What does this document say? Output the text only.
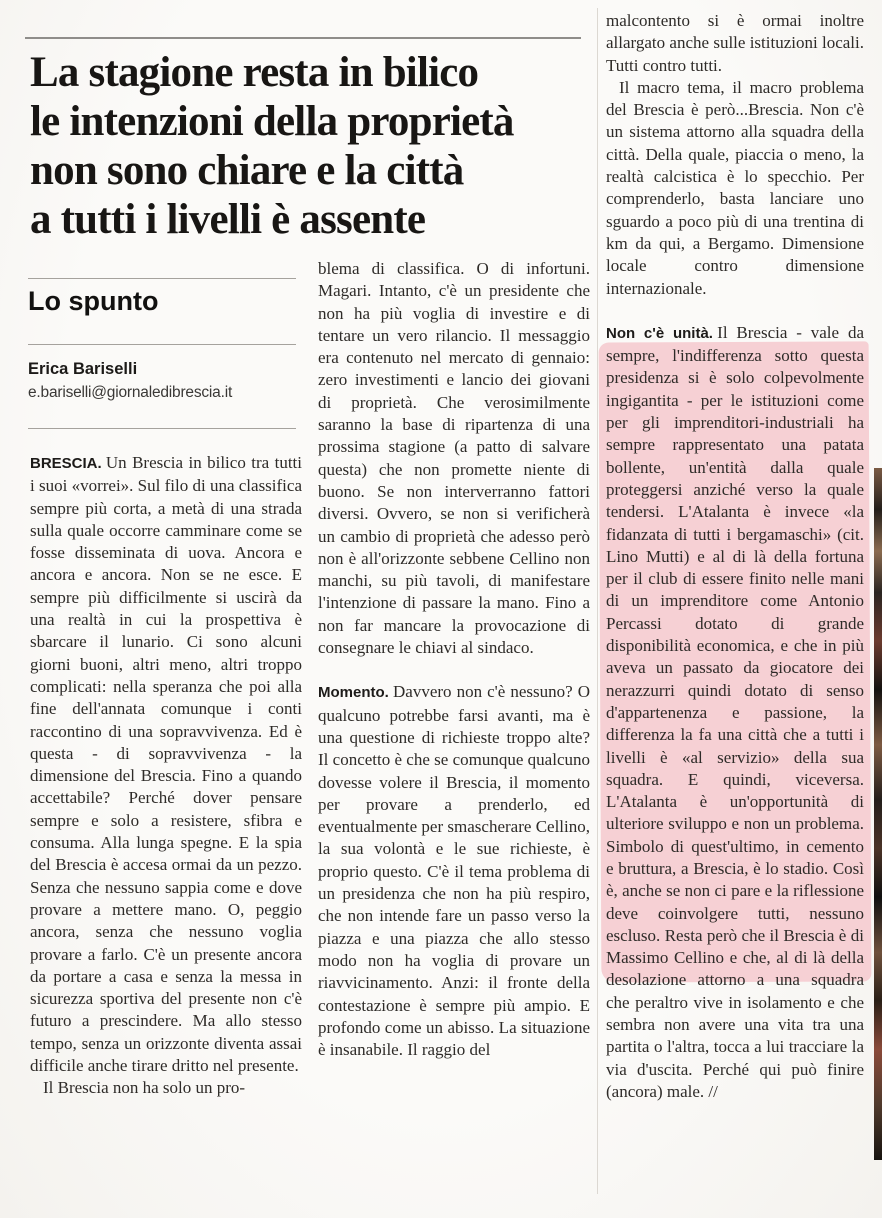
La stagione resta in bilico
le intenzioni della proprietà
non sono chiare e la città
a tutti i livelli è assente
Lo spunto
Erica Bariselli
e.bariselli@giornaledibrescia.it

BRESCIA. Un Brescia in bilico tra tutti i suoi «vorrei». Sul filo di una classifica sempre più corta, a metà di una strada sulla quale occorre camminare come se fosse disseminata di uova. Ancora e ancora e ancora. Non se ne esce. E sempre più difficilmente si uscirà da una realtà in cui la prospettiva è sbarcare il lunario. Ci sono alcuni giorni buoni, altri meno, altri troppo complicati: nella speranza che poi alla fine dell'annata comunque i conti raccontino di una sopravvivenza. Ed è questa - di sopravvivenza - la dimensione del Brescia. Fino a quando accettabile? Perché dover pensare sempre e solo a resistere, sfibra e consuma. Alla lunga spegne. E la spia del Brescia è accesa ormai da un pezzo. Senza che nessuno sappia come e dove provare a mettere mano. O, peggio ancora, senza che nessuno voglia provare a farlo. C'è un presente ancora da portare a casa e senza la messa in sicurezza sportiva del presente non c'è futuro a prescindere. Ma allo stesso tempo, senza un orizzonte diventa assai difficile anche tirare dritto nel presente.

Il Brescia non ha solo un pro-

blema di classifica. O di infortuni. Magari. Intanto, c'è un presidente che non ha più voglia di investire e di tentare un vero rilancio. Il messaggio era contenuto nel mercato di gennaio: zero investimenti e lancio dei giovani di proprietà. Che verosimilmente saranno la base di ripartenza di una prossima stagione (a patto di salvare questa) che non promette niente di buono. Se non interverranno fattori diversi. Ovvero, se non si verificherà un cambio di proprietà che adesso però non è all'orizzonte sebbene Cellino non manchi, su più tavoli, di manifestare l'intenzione di passare la mano. Fino a non far mancare la provocazione di consegnare le chiavi al sindaco.

Momento. Davvero non c'è nessuno? O qualcuno potrebbe farsi avanti, ma è una questione di richieste troppo alte? Il concetto è che se comunque qualcuno dovesse volere il Brescia, il momento per provare a prenderlo, ed eventualmente per smascherare Cellino, la sua volontà e le sue richieste, è proprio questo. C'è il tema problema di un presidenza che non ha più respiro, che non intende fare un passo verso la piazza e una piazza che allo stesso modo non ha voglia di provare un riavvicinamento. Anzi: il fronte della contestazione è sempre più ampio. E profondo come un abisso. La situazione è insanabile. Il raggio del

malcontento si è ormai inoltre allargato anche sulle istituzioni locali. Tutti contro tutti.

Il macro tema, il macro problema del Brescia è però...Brescia. Non c'è un sistema attorno alla squadra della città. Della quale, piaccia o meno, la realtà calcistica è lo specchio. Per comprenderlo, basta lanciare uno sguardo a poco più di una trentina di km da qui, a Bergamo. Dimensione locale contro dimensione internazionale.

Non c'è unità. Il Brescia - vale da sempre, l'indifferenza sotto questa presidenza si è solo colpevolmente ingigantita - per le istituzioni come per gli imprenditori-industriali ha sempre rappresentato una patata bollente, un'entità dalla quale proteggersi anziché verso la quale tendersi. L'Atalanta è invece «la fidanzata di tutti i bergamaschi» (cit. Lino Mutti) e al di là della fortuna per il club di essere finito nelle mani di un imprenditore come Antonio Percassi dotato di grande disponibilità economica, e che in più aveva un passato da giocatore dei nerazzurri quindi dotato di senso d'appartenenza e passione, la differenza la fa una città che a tutti i livelli è «al servizio» della sua squadra. E quindi, viceversa. L'Atalanta è un'opportunità di ulteriore sviluppo e non un problema. Simbolo di quest'ultimo, in cemento e bruttura, a Brescia, è lo stadio. Così è, anche se non ci pare e la riflessione deve coinvolgere tutti, nessuno escluso. Resta però che il Brescia è di Massimo Cellino e che, al di là della desolazione attorno a una squadra che peraltro vive in isolamento e che sembra non avere una vita tra una partita o l'altra, tocca a lui tracciare la via d'uscita. Perché qui può finire (ancora) male. //
